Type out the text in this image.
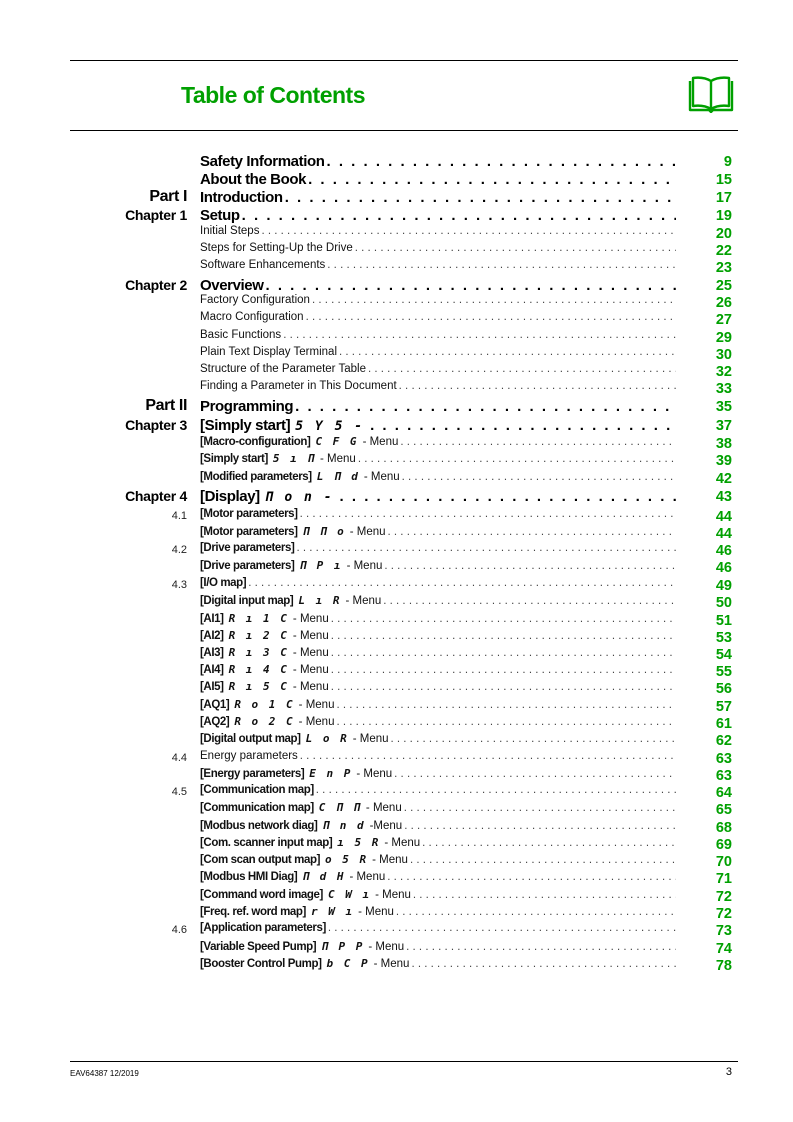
Table of Contents
Safety Information . . .	9
About the Book . . .	15
Part I Introduction . . .	17
Chapter 1 Setup . . .	19
Initial Steps . . .	20
Steps for Setting-Up the Drive . . .	22
Software Enhancements . . .	23
Chapter 2 Overview . . .	25
Factory Configuration . . .	26
Macro Configuration . . .	27
Basic Functions . . .	29
Plain Text Display Terminal . . .	30
Structure of the Parameter Table . . .	32
Finding a Parameter in This Document . . .	33
Part II Programming . . .	35
Chapter 3 [Simply start] 5 Y 5 - . . .	37
[Macro-configuration] C F G - Menu . . .	38
[Simply start] 5 ı П - Menu . . .	39
[Modified parameters] L П d - Menu . . .	42
Chapter 4 [Display] П o n - . . .	43
4.1 [Motor parameters] . . .	44
[Motor parameters] П П o - Menu . . .	44
4.2 [Drive parameters] . . .	46
[Drive parameters] П P ı - Menu . . .	46
4.3 [I/O map] . . .	49
[Digital input map] L ı R - Menu . . .	50
[AI1] R ı 1 C - Menu . . .	51
[AI2] R ı 2 C - Menu . . .	53
[AI3] R ı 3 C - Menu . . .	54
[AI4] R ı 4 C - Menu . . .	55
[AI5] R ı 5 C - Menu . . .	56
[AQ1] R o 1 C - Menu . . .	57
[AQ2] R o 2 C - Menu . . .	61
[Digital output map] L o R - Menu . . .	62
4.4 Energy parameters . . .	63
[Energy parameters] E n P - Menu . . .	63
4.5 [Communication map] . . .	64
[Communication map] C П П - Menu . . .	65
[Modbus network diag] П n d -Menu . . .	68
[Com. scanner input map] ı 5 R - Menu . . .	69
[Com scan output map] o 5 R - Menu . . .	70
[Modbus HMI Diag] П d H - Menu . . .	71
[Command word image] C W ı - Menu . . .	72
[Freq. ref. word map] r W ı - Menu . . .	72
4.6 [Application parameters] . . .	73
[Variable Speed Pump] П P P - Menu . . .	74
[Booster Control Pump] b C P - Menu . . .	78
EAV64387 12/2019	3
